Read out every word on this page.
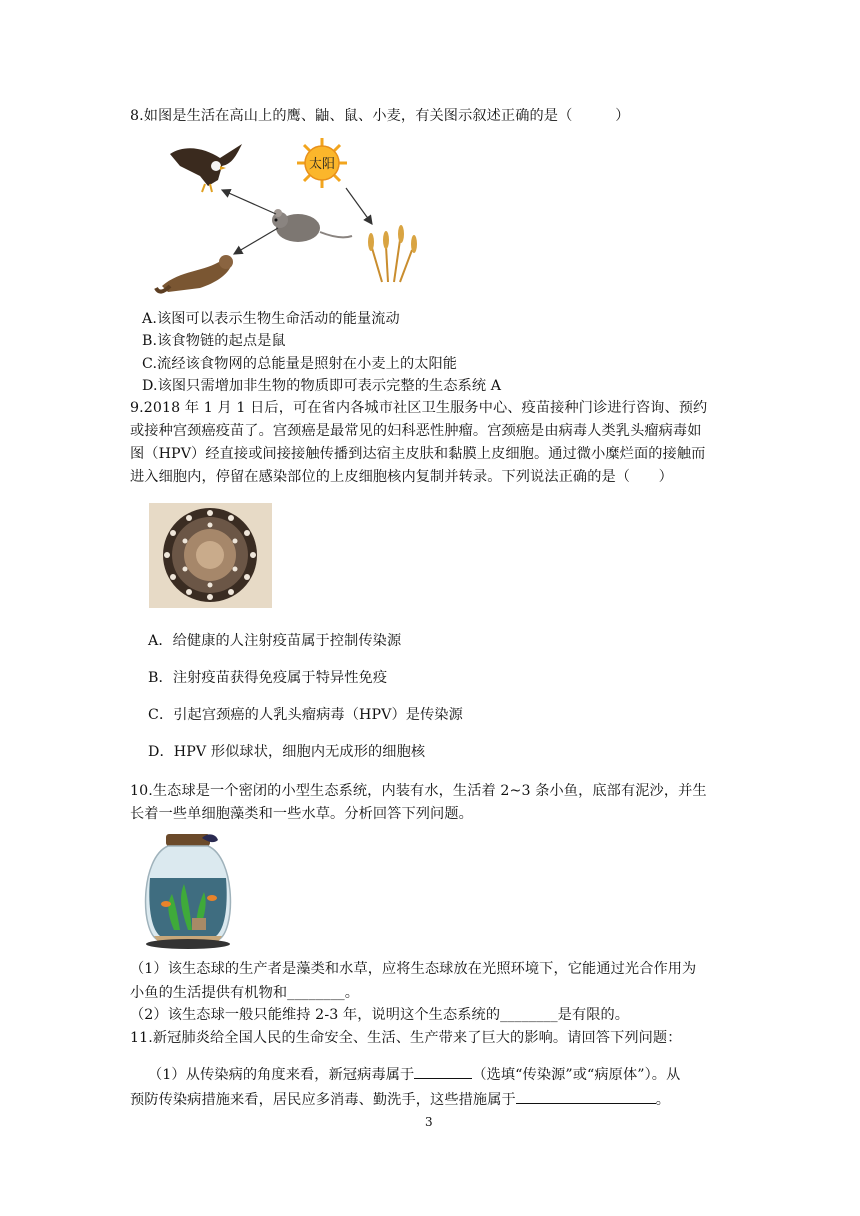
8.如图是生活在高山上的鹰、鼬、鼠、小麦，有关图示叙述正确的是（　　　）
太阳
A.该图可以表示生物生命活动的能量流动
B.该食物链的起点是鼠
C.流经该食物网的总能量是照射在小麦上的太阳能
D.该图只需增加非生物的物质即可表示完整的生态系统 A
9.2018 年 1 月 1 日后，可在省内各城市社区卫生服务中心、疫苗接种门诊进行咨询、预约
或接种宫颈癌疫苗了。宫颈癌是最常见的妇科恶性肿瘤。宫颈癌是由病毒人类乳头瘤病毒如
图（HPV）经直接或间接接触传播到达宿主皮肤和黏膜上皮细胞。通过微小糜烂面的接触而
进入细胞内，停留在感染部位的上皮细胞核内复制并转录。下列说法正确的是（　　）
A．给健康的人注射疫苗属于控制传染源
B．注射疫苗获得免疫属于特异性免疫
C．引起宫颈癌的人乳头瘤病毒（HPV）是传染源
D．HPV 形似球状，细胞内无成形的细胞核
10.生态球是一个密闭的小型生态系统，内装有水，生活着 2~3 条小鱼，底部有泥沙，并生
长着一些单细胞藻类和一些水草。分析回答下列问题。
（1）该生态球的生产者是藻类和水草，应将生态球放在光照环境下，它能通过光合作用为
小鱼的生活提供有机物和________。
（2）该生态球一般只能维持 2-3 年，说明这个生态系统的________是有限的。
11.新冠肺炎给全国人民的生命安全、生活、生产带来了巨大的影响。请回答下列问题：
（1）从传染病的角度来看，新冠病毒属于	（选填“传染源”或“病原体”）。从
预防传染病措施来看，居民应多消毒、勤洗手，这些措施属于	。
3
